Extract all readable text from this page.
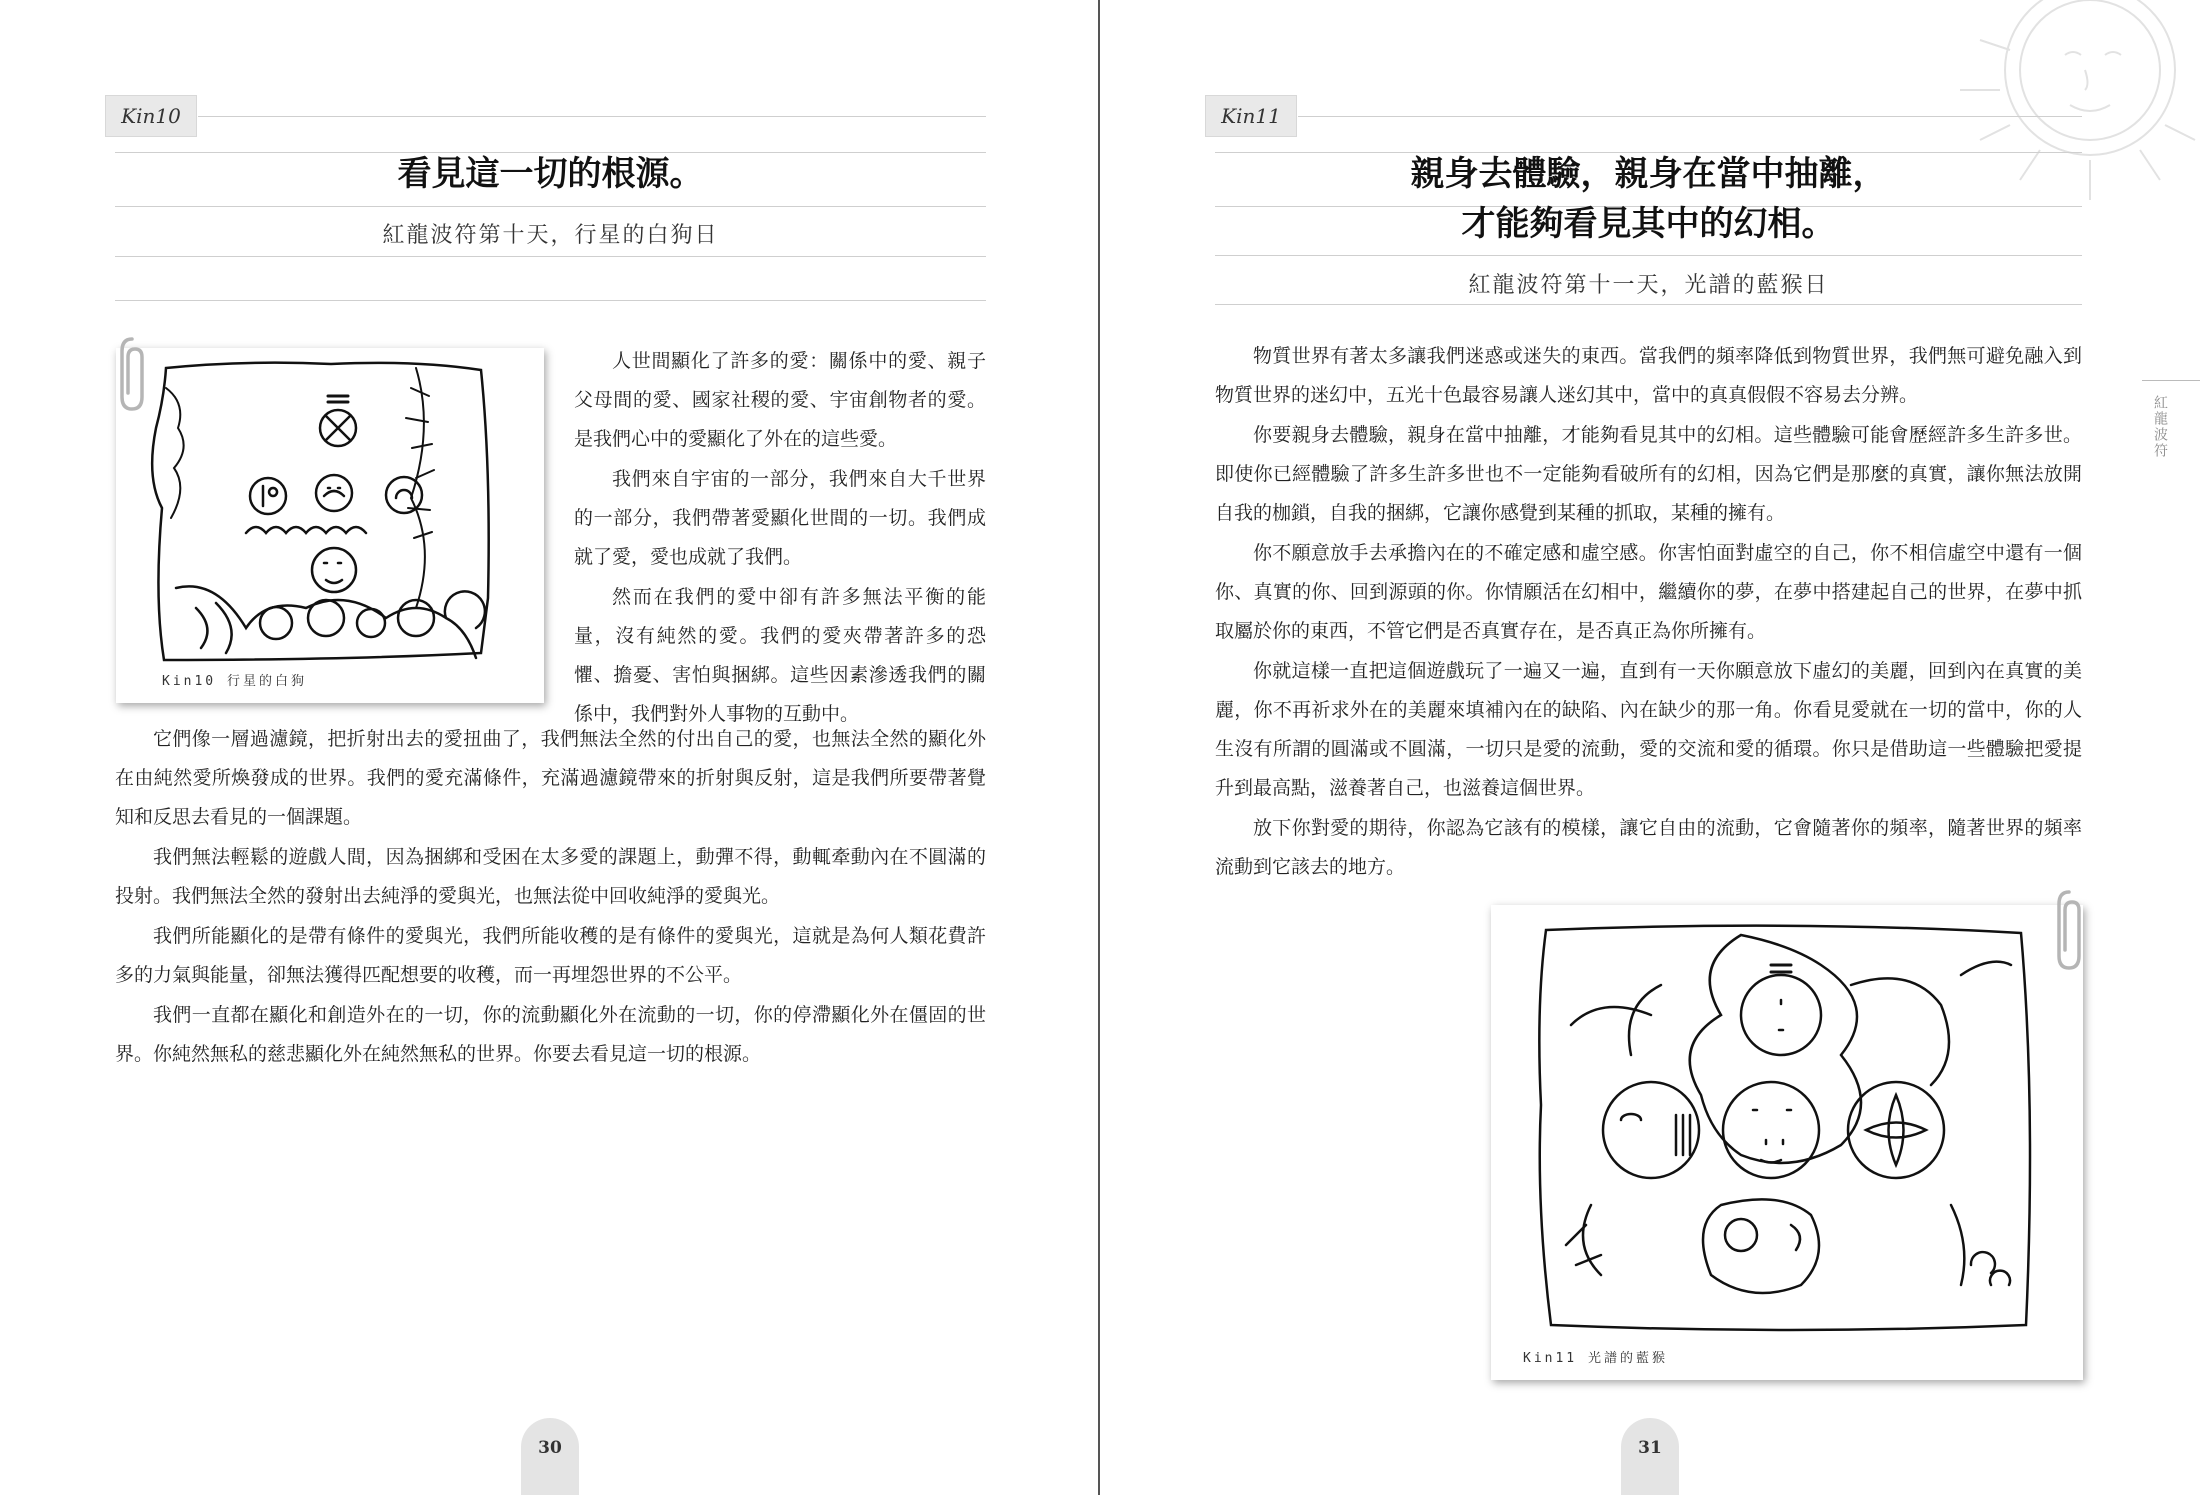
Kin10
看見這一切的根源。
紅龍波符第十天，行星的白狗日
Kin10 行星的白狗

人世間顯化了許多的愛：關係中的愛、親子父母間的愛、國家社稷的愛、宇宙創物者的愛。是我們心中的愛顯化了外在的這些愛。

我們來自宇宙的一部分，我們來自大千世界的一部分，我們帶著愛顯化世間的一切。我們成就了愛，愛也成就了我們。

然而在我們的愛中卻有許多無法平衡的能量，沒有純然的愛。我們的愛夾帶著許多的恐懼、擔憂、害怕與捆綁。這些因素滲透我們的關係中，我們對外人事物的互動中。

它們像一層過濾鏡，把折射出去的愛扭曲了，我們無法全然的付出自己的愛，也無法全然的顯化外在由純然愛所煥發成的世界。我們的愛充滿條件，充滿過濾鏡帶來的折射與反射，這是我們所要帶著覺知和反思去看見的一個課題。

我們無法輕鬆的遊戲人間，因為捆綁和受困在太多愛的課題上，動彈不得，動輒牽動內在不圓滿的投射。我們無法全然的發射出去純淨的愛與光，也無法從中回收純淨的愛與光。

我們所能顯化的是帶有條件的愛與光，我們所能收穫的是有條件的愛與光，這就是為何人類花費許多的力氣與能量，卻無法獲得匹配想要的收穫，而一再埋怨世界的不公平。

我們一直都在顯化和創造外在的一切，你的流動顯化外在流動的一切，你的停滯顯化外在僵固的世界。你純然無私的慈悲顯化外在純然無私的世界。你要去看見這一切的根源。

30
Kin11
親身去體驗，親身在當中抽離，
才能夠看見其中的幻相。
紅龍波符第十一天，光譜的藍猴日

物質世界有著太多讓我們迷惑或迷失的東西。當我們的頻率降低到物質世界，我們無可避免融入到物質世界的迷幻中，五光十色最容易讓人迷幻其中，當中的真真假假不容易去分辨。

你要親身去體驗，親身在當中抽離，才能夠看見其中的幻相。這些體驗可能會歷經許多生許多世。即使你已經體驗了許多生許多世也不一定能夠看破所有的幻相，因為它們是那麼的真實，讓你無法放開自我的枷鎖，自我的捆綁，它讓你感覺到某種的抓取，某種的擁有。

你不願意放手去承擔內在的不確定感和虛空感。你害怕面對虛空的自己，你不相信虛空中還有一個你、真實的你、回到源頭的你。你情願活在幻相中，繼續你的夢，在夢中搭建起自己的世界，在夢中抓取屬於你的東西，不管它們是否真實存在，是否真正為你所擁有。

你就這樣一直把這個遊戲玩了一遍又一遍，直到有一天你願意放下虛幻的美麗，回到內在真實的美麗，你不再祈求外在的美麗來填補內在的缺陷、內在缺少的那一角。你看見愛就在一切的當中，你的人生沒有所謂的圓滿或不圓滿，一切只是愛的流動，愛的交流和愛的循環。你只是借助這一些體驗把愛提升到最高點，滋養著自己，也滋養這個世界。

放下你對愛的期待，你認為它該有的模樣，讓它自由的流動，它會隨著你的頻率，隨著世界的頻率流動到它該去的地方。

Kin11 光譜的藍猴
31
紅龍波符
